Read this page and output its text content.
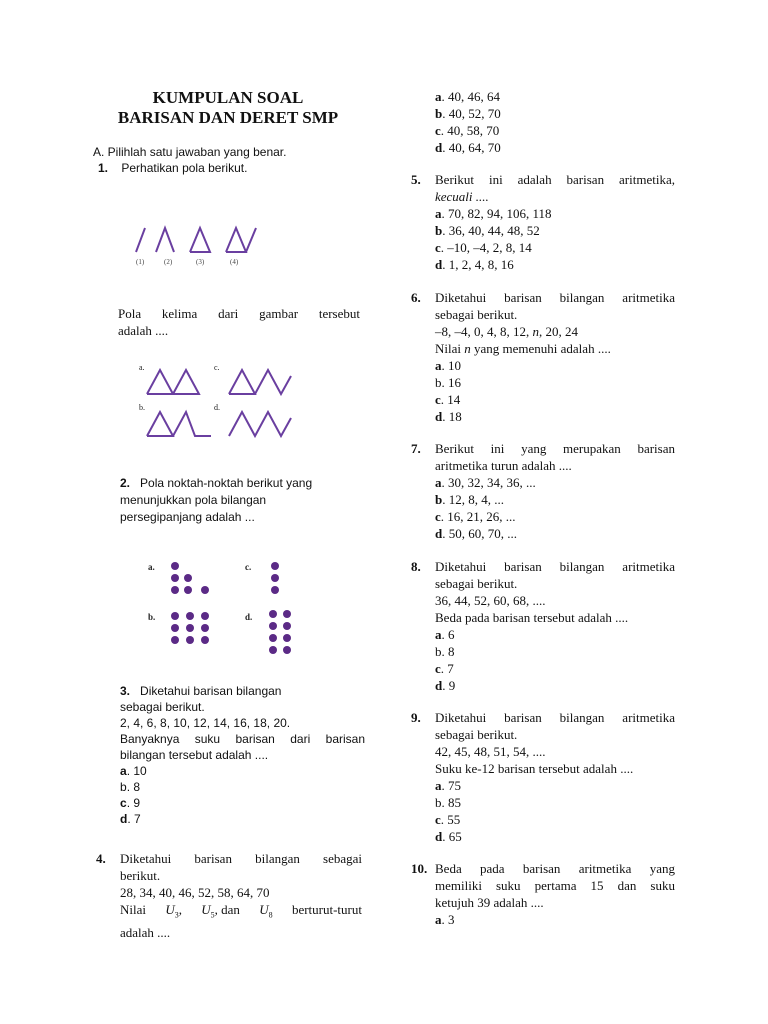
KUMPULAN SOAL
BARISAN DAN DERET SMP
A. Pilihlah satu jawaban yang benar.
1. Perhatikan pola berikut.
(1)	(2)	(3)	(4)
Pola kelima dari gambar tersebut
adalah ....
a.
b.
c.
d.
2. Pola noktah-noktah berikut yang
menunjukkan pola bilangan
persegipanjang adalah ...
a.
b.
c.
d.
3. Diketahui barisan bilangan
sebagai berikut.
2, 4, 6, 8, 10, 12, 14, 16, 18, 20.
Banyaknya suku barisan dari barisan
bilangan tersebut adalah ....
a. 10
b. 8
c. 9
d. 7
4.	Diketahui barisan bilangan sebagai
berikut.
28, 34, 40, 46, 52, 58, 64, 70
Nilai $U_3$, $U_5$, dan $U_8$ berturut-turut
adalah ....
a. 40, 46, 64
b. 40, 52, 70
c. 40, 58, 70
d. 40, 64, 70
5.	Berikut ini adalah barisan aritmetika,
kecuali ....
a. 70, 82, 94, 106, 118
b. 36, 40, 44, 48, 52
c. –10, –4, 2, 8, 14
d. 1, 2, 4, 8, 16
6.	Diketahui barisan bilangan aritmetika
sebagai berikut.
–8, –4, 0, 4, 8, 12, n, 20, 24
Nilai n yang memenuhi adalah ....
a. 10
b. 16
c. 14
d. 18
7.	Berikut ini yang merupakan barisan
aritmetika turun adalah ....
a. 30, 32, 34, 36, ...
b. 12, 8, 4, ...
c. 16, 21, 26, ...
d. 50, 60, 70, ...
8.	Diketahui barisan bilangan aritmetika
sebagai berikut.
36, 44, 52, 60, 68, ....
Beda pada barisan tersebut adalah ....
a. 6
b. 8
c. 7
d. 9
9.	Diketahui barisan bilangan aritmetika
sebagai berikut.
42, 45, 48, 51, 54, ....
Suku ke-12 barisan tersebut adalah ....
a. 75
b. 85
c. 55
d. 65
10. Beda pada barisan aritmetika yang
memiliki suku pertama 15 dan suku
ketujuh 39 adalah ....
a. 3
